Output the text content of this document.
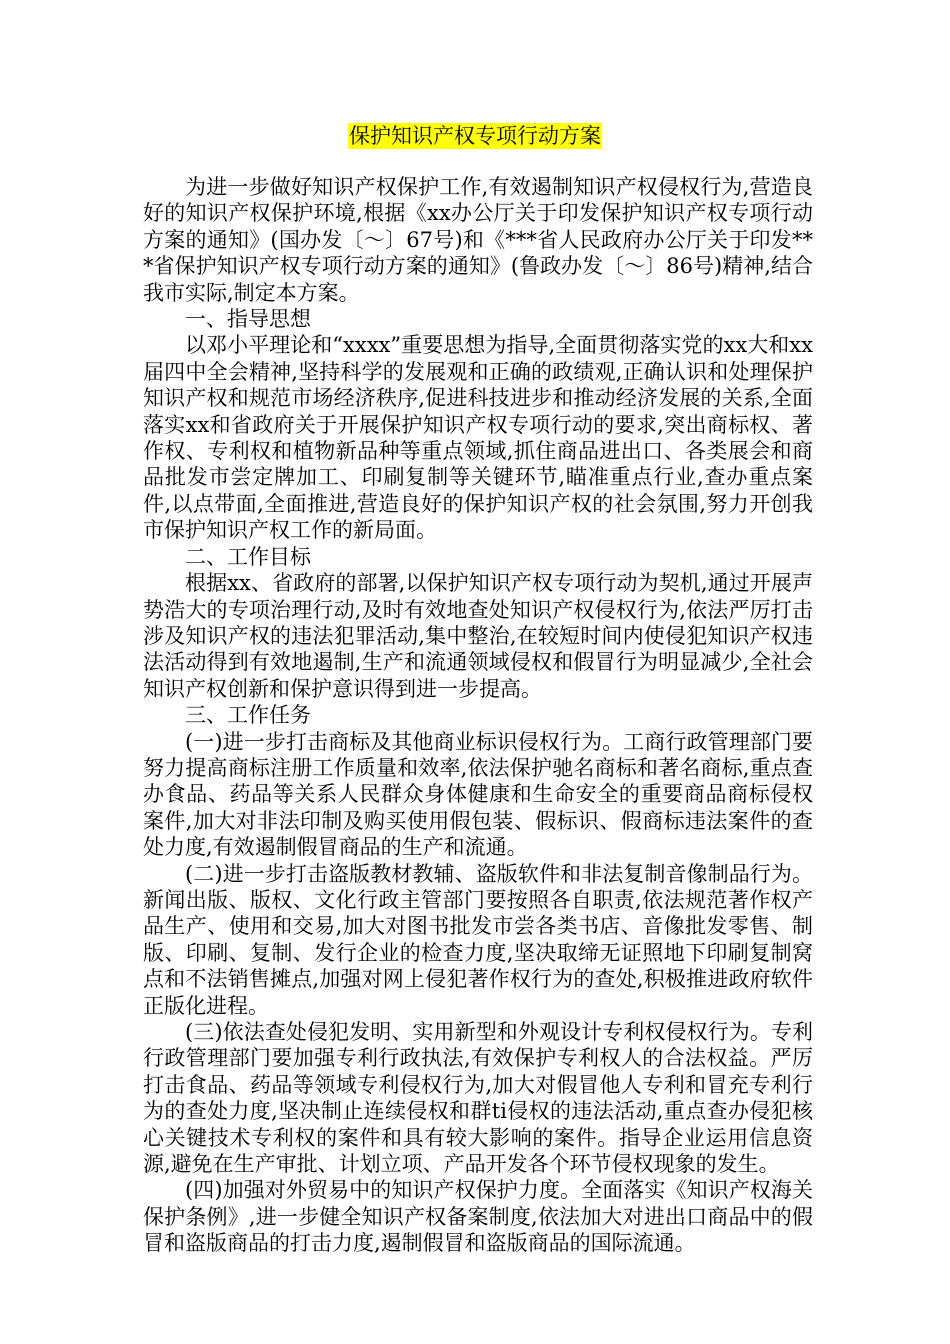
保护知识产权专项行动方案

为进一步做好知识产权保护工作,有效遏制知识产权侵权行为,营造良好的知识产权保护环境,根据《xx办公厅关于印发保护知识产权专项行动方案的通知》(国办发〔～〕67号)和《***省人民政府办公厅关于印发***省保护知识产权专项行动方案的通知》(鲁政办发〔～〕86号)精神,结合我市实际,制定本方案。

一、指导思想

以邓小平理论和“xxxx”重要思想为指导,全面贯彻落实党的xx大和xx届四中全会精神,坚持科学的发展观和正确的政绩观,正确认识和处理保护知识产权和规范市场经济秩序,促进科技进步和推动经济发展的关系,全面落实xx和省政府关于开展保护知识产权专项行动的要求,突出商标权、著作权、专利权和植物新品种等重点领域,抓住商品进出口、各类展会和商品批发市尝定牌加工、印刷复制等关键环节,瞄准重点行业,查办重点案件,以点带面,全面推进,营造良好的保护知识产权的社会氛围,努力开创我市保护知识产权工作的新局面。

二、工作目标

根据xx、省政府的部署,以保护知识产权专项行动为契机,通过开展声势浩大的专项治理行动,及时有效地查处知识产权侵权行为,依法严厉打击涉及知识产权的违法犯罪活动,集中整治,在较短时间内使侵犯知识产权违法活动得到有效地遏制,生产和流通领域侵权和假冒行为明显减少,全社会知识产权创新和保护意识得到进一步提高。

三、工作任务

(一)进一步打击商标及其他商业标识侵权行为。工商行政管理部门要努力提高商标注册工作质量和效率,依法保护驰名商标和著名商标,重点查办食品、药品等关系人民群众身体健康和生命安全的重要商品商标侵权案件,加大对非法印制及购买使用假包装、假标识、假商标违法案件的查处力度,有效遏制假冒商品的生产和流通。

(二)进一步打击盗版教材教辅、盗版软件和非法复制音像制品行为。新闻出版、版权、文化行政主管部门要按照各自职责,依法规范著作权产品生产、使用和交易,加大对图书批发市尝各类书店、音像批发零售、制版、印刷、复制、发行企业的检查力度,坚决取缔无证照地下印刷复制窝点和不法销售摊点,加强对网上侵犯著作权行为的查处,积极推进政府软件正版化进程。

(三)依法查处侵犯发明、实用新型和外观设计专利权侵权行为。专利行政管理部门要加强专利行政执法,有效保护专利权人的合法权益。严厉打击食品、药品等领域专利侵权行为,加大对假冒他人专利和冒充专利行为的查处力度,坚决制止连续侵权和群ti侵权的违法活动,重点查办侵犯核心关键技术专利权的案件和具有较大影响的案件。指导企业运用信息资源,避免在生产审批、计划立项、产品开发各个环节侵权现象的发生。

(四)加强对外贸易中的知识产权保护力度。全面落实《知识产权海关保护条例》,进一步健全知识产权备案制度,依法加大对进出口商品中的假冒和盗版商品的打击力度,遏制假冒和盗版商品的国际流通。
